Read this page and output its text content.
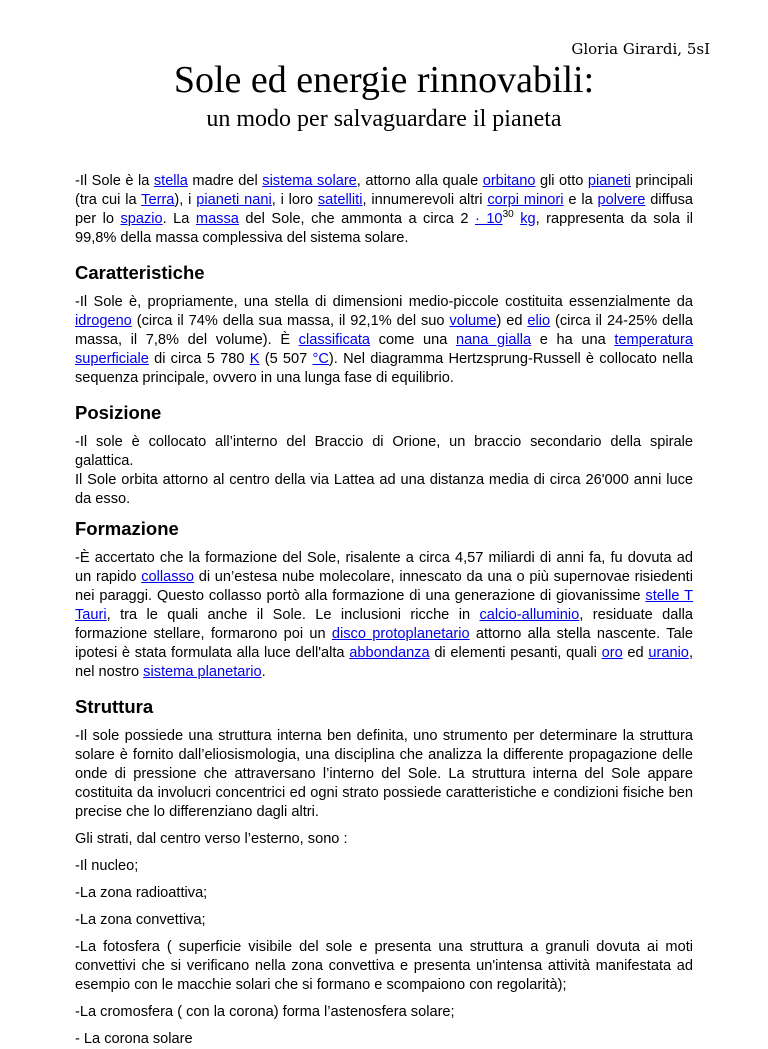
Gloria Girardi, 5sI
Sole ed energie rinnovabili:
un modo per salvaguardare il pianeta

-Il Sole è la stella madre del sistema solare, attorno alla quale orbitano gli otto pianeti principali (tra cui la Terra), i pianeti nani, i loro satelliti, innumerevoli altri corpi minori e la polvere diffusa per lo spazio. La massa del Sole, che ammonta a circa $2 \cdot 10^{30}$ kg, rappresenta da sola il 99,8% della massa complessiva del sistema solare.

Caratteristiche

-Il Sole è, propriamente, una stella di dimensioni medio-piccole costituita essenzialmente da idrogeno (circa il 74% della sua massa, il 92,1% del suo volume) ed elio (circa il 24-25% della massa, il 7,8% del volume). È classificata come una nana gialla e ha una temperatura superficiale di circa 5 780 K (5 507 °C). Nel diagramma Hertzsprung-Russell è collocato nella sequenza principale, ovvero in una lunga fase di equilibrio.

Posizione

-Il sole è collocato all’interno del Braccio di Orione, un braccio secondario della spirale galattica.

Il Sole orbita attorno al centro della via Lattea ad una distanza media di circa 26'000 anni luce da esso.

Formazione

-È accertato che la formazione del Sole, risalente a circa 4,57 miliardi di anni fa, fu dovuta ad un rapido collasso di un’estesa nube molecolare, innescato da una o più supernovae risiedenti nei paraggi. Questo collasso portò alla formazione di una generazione di giovanissime stelle T Tauri, tra le quali anche il Sole. Le inclusioni ricche in calcio-alluminio, residuate dalla formazione stellare, formarono poi un disco protoplanetario attorno alla stella nascente. Tale ipotesi è stata formulata alla luce dell'alta abbondanza di elementi pesanti, quali oro ed uranio, nel nostro sistema planetario.

Struttura

-Il sole possiede una struttura interna ben definita, uno strumento per determinare la struttura solare è fornito dall’eliosismologia, una disciplina che analizza la differente propagazione delle onde di pressione che attraversano l’interno del Sole. La struttura interna del Sole appare costituita da involucri concentrici ed ogni strato possiede caratteristiche e condizioni fisiche ben precise che lo differenziano dagli altri.

Gli strati, dal centro verso l’esterno, sono :

-Il nucleo;

-La zona radioattiva;

-La zona convettiva;

-La fotosfera ( superficie visibile del sole e presenta una struttura a granuli dovuta ai moti convettivi che si verificano nella zona convettiva e presenta un'intensa attività manifestata ad esempio con le macchie solari che si formano e scompaiono con regolarità);

-La cromosfera ( con la corona) forma l’astenosfera solare;

- La corona solare
